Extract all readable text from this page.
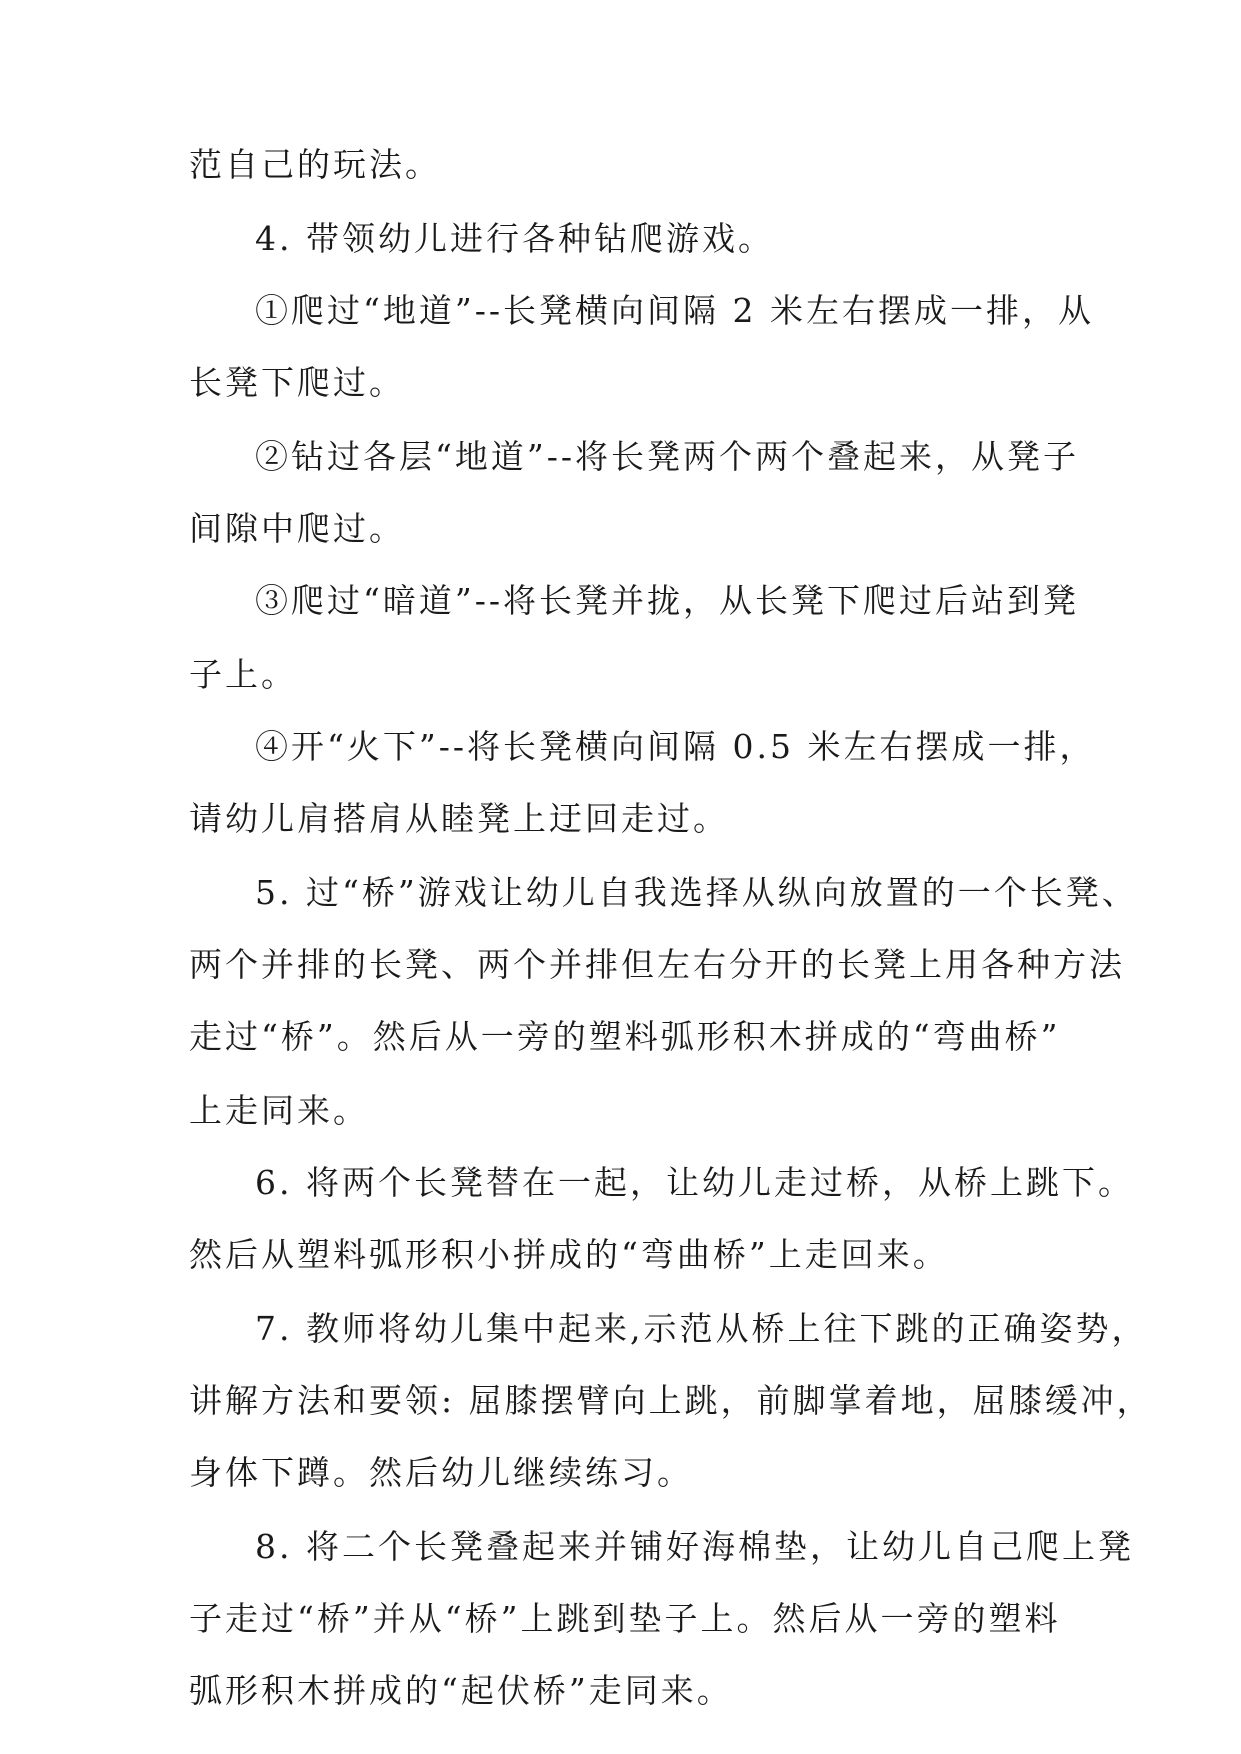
范自己的玩法。
4. 带领幼儿进行各种钻爬游戏。
①爬过“地道”--长凳横向间隔 2 米左右摆成一排，从
长凳下爬过。
②钻过各层“地道”--将长凳两个两个叠起来，从凳子
间隙中爬过。
③爬过“暗道”--将长凳并拢，从长凳下爬过后站到凳
子上。
④开“火下”--将长凳横向间隔 0.5 米左右摆成一排，
请幼儿肩搭肩从睦凳上迂回走过。
5. 过“桥”游戏让幼儿自我选择从纵向放置的一个长凳、
两个并排的长凳、两个并排但左右分开的长凳上用各种方法
走过“桥”。然后从一旁的塑料弧形积木拼成的“弯曲桥”
上走同来。
6. 将两个长凳替在一起，让幼儿走过桥，从桥上跳下。
然后从塑料弧形积小拼成的“弯曲桥”上走回来。
7. 教师将幼儿集中起来,示范从桥上往下跳的正确姿势，
讲解方法和要领: 屈膝摆臂向上跳，前脚掌着地，屈膝缓冲，
身体下蹲。然后幼儿继续练习。
8. 将二个长凳叠起来并铺好海棉垫，让幼儿自己爬上凳
子走过“桥”并从“桥”上跳到垫子上。然后从一旁的塑料
弧形积木拼成的“起伏桥”走同来。
